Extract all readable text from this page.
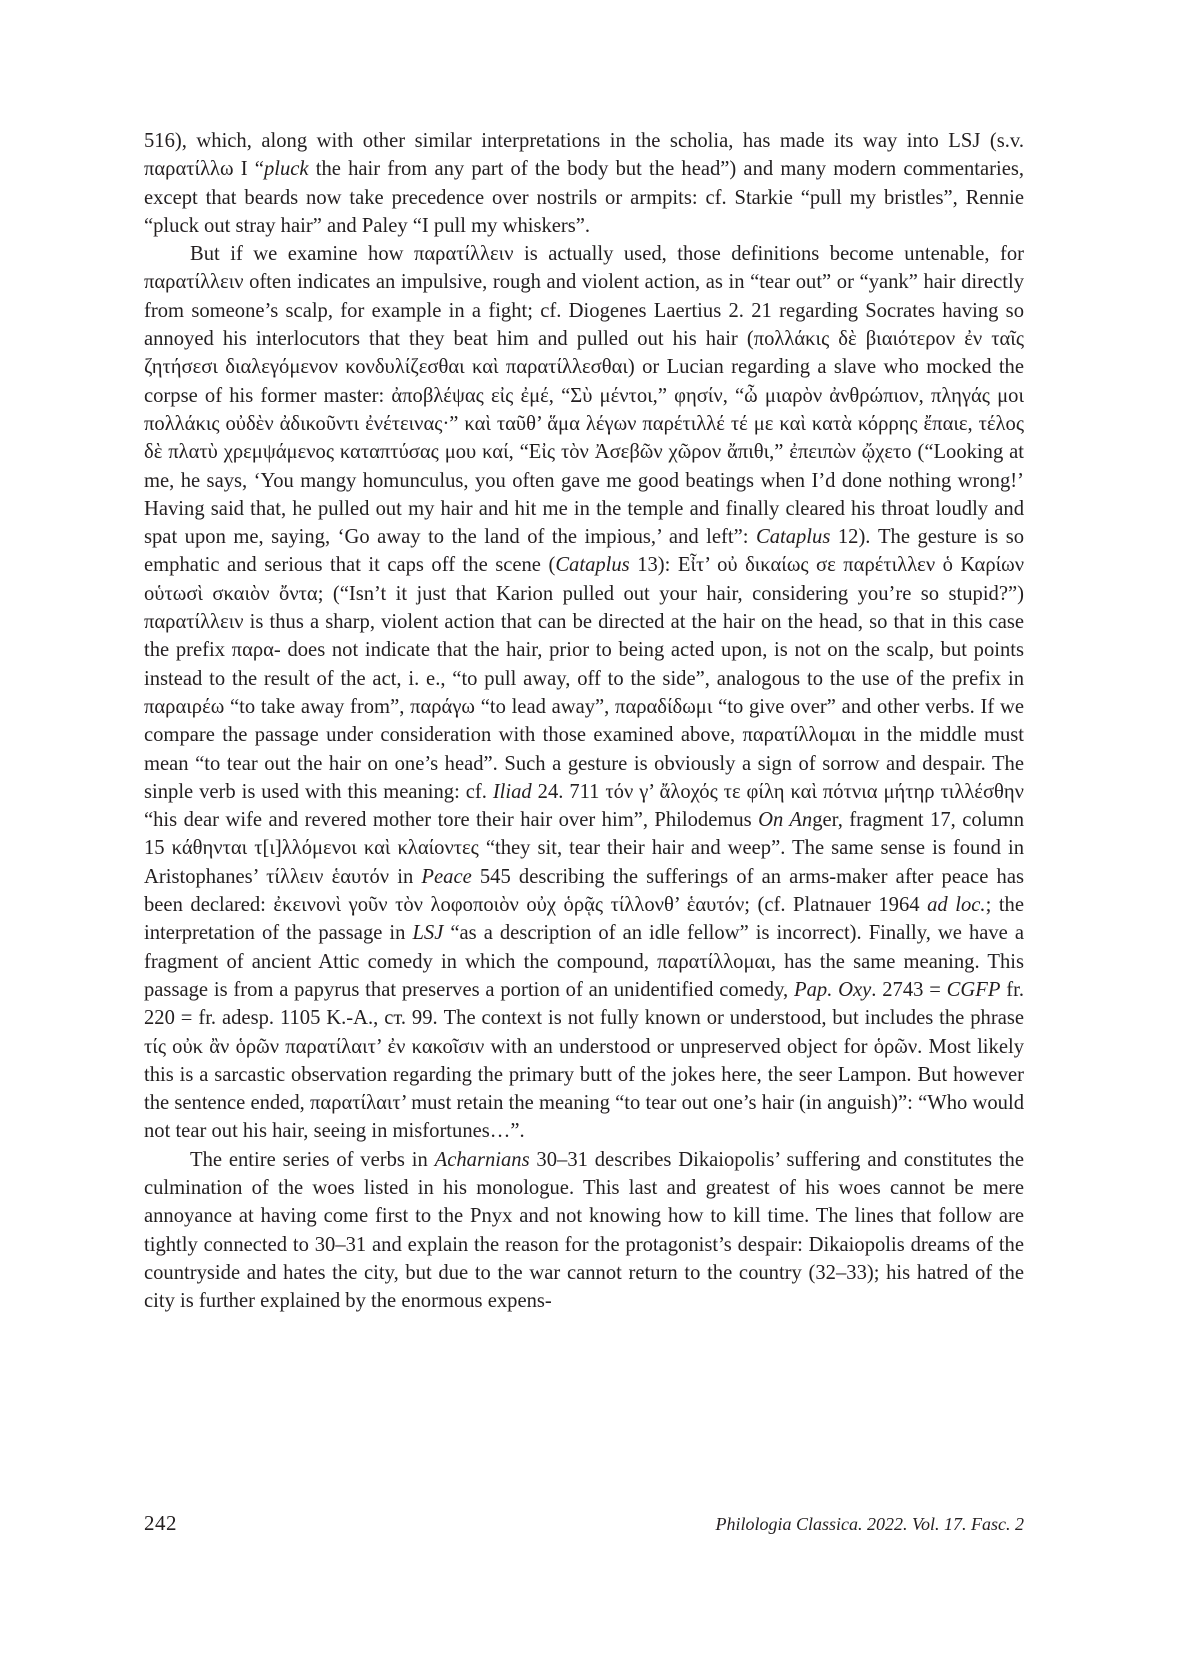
516), which, along with other similar interpretations in the scholia, has made its way into LSJ (s.v. παρατίλλω I “pluck the hair from any part of the body but the head”) and many modern commentaries, except that beards now take precedence over nostrils or armpits: cf. Starkie “pull my bristles”, Rennie “pluck out stray hair” and Paley “I pull my whiskers”.

But if we examine how παρατίλλειν is actually used, those definitions become untenable, for παρατίλλειν often indicates an impulsive, rough and violent action, as in “tear out” or “yank” hair directly from someone’s scalp, for example in a fight; cf. Diogenes Laertius 2. 21 regarding Socrates having so annoyed his interlocutors that they beat him and pulled out his hair (πολλάκις δὲ βιαιότερον ἐν ταῖς ζητήσεσι διαλεγόμενον κονδυλίζεσθαι καὶ παρατίλλεσθαι) or Lucian regarding a slave who mocked the corpse of his former master: ἀποβλέψας εἰς ἐμέ, “Σὺ μέντοι,” φησίν, “ὦ μιαρὸν ἀνθρώπιον, πληγάς μοι πολλάκις οὐδὲν ἀδικοῦντι ἐνέτεινας·” καὶ ταῦθ’ ἅμα λέγων παρέτιλλέ τέ με καὶ κατὰ κόρρης ἔπαιε, τέλος δὲ πλατὺ χρεμψάμενος καταπτύσας μου καί, “Εἰς τὸν Ἀσεβῶν χῶρον ἄπιθι,” ἐπειπὼν ᾤχετο (“Looking at me, he says, ‘You mangy homunculus, you often gave me good beatings when I’d done nothing wrong!’ Having said that, he pulled out my hair and hit me in the temple and finally cleared his throat loudly and spat upon me, saying, ‘Go away to the land of the impious,’ and left”: Cataplus 12). The gesture is so emphatic and serious that it caps off the scene (Cataplus 13): Εἶτ’ οὐ δικαίως σε παρέτιλλεν ὁ Καρίων οὑτωσὶ σκαιὸν ὄντα; (“Isn’t it just that Karion pulled out your hair, considering you’re so stupid?”) παρατίλλειν is thus a sharp, violent action that can be directed at the hair on the head, so that in this case the prefix παρα- does not indicate that the hair, prior to being acted upon, is not on the scalp, but points instead to the result of the act, i. e., “to pull away, off to the side”, analogous to the use of the prefix in παραιρέω “to take away from”, παράγω “to lead away”, παραδίδωμι “to give over” and other verbs. If we compare the passage under consideration with those examined above, παρατίλλομαι in the middle must mean “to tear out the hair on one’s head”. Such a gesture is obviously a sign of sorrow and despair. The sinple verb is used with this meaning: cf. Iliad 24. 711 τόν γ’ ἄλοχός τε φίλη καὶ πότνια μήτηρ τιλλέσθην “his dear wife and revered mother tore their hair over him”, Philodemus On Anger, fragment 17, column 15 κάθηνται τ[ι]λλόμενοι καὶ κλαίοντες “they sit, tear their hair and weep”. The same sense is found in Aristophanes’ τίλλειν ἑαυτόν in Peace 545 describing the sufferings of an arms-maker after peace has been declared: ἐκεινονὶ γοῦν τὸν λοφοποιὸν οὐχ ὁρᾷς τίλλονθ’ ἑαυτόν; (cf. Platnauer 1964 ad loc.; the interpretation of the passage in LSJ “as a description of an idle fellow” is incorrect). Finally, we have a fragment of ancient Attic comedy in which the compound, παρατίλλομαι, has the same meaning. This passage is from a papyrus that preserves a portion of an unidentified comedy, Pap. Oxy. 2743 = CGFP fr. 220 = fr. adesp. 1105 K.-A., ст. 99. The context is not fully known or understood, but includes the phrase τίς οὐκ ἂν ὁρῶν παρατίλαιτ’ ἐν κακοῖσιν with an understood or unpreserved object for ὁρῶν. Most likely this is a sarcastic observation regarding the primary butt of the jokes here, the seer Lampon. But however the sentence ended, παρατίλαιτ’ must retain the meaning “to tear out one’s hair (in anguish)”: “Who would not tear out his hair, seeing in misfortunes…”.

The entire series of verbs in Acharnians 30–31 describes Dikaiopolis’ suffering and constitutes the culmination of the woes listed in his monologue. This last and greatest of his woes cannot be mere annoyance at having come first to the Pnyx and not knowing how to kill time. The lines that follow are tightly connected to 30–31 and explain the reason for the protagonist’s despair: Dikaiopolis dreams of the countryside and hates the city, but due to the war cannot return to the country (32–33); his hatred of the city is further explained by the enormous expens-

242	Philologia Classica. 2022. Vol. 17. Fasc. 2
